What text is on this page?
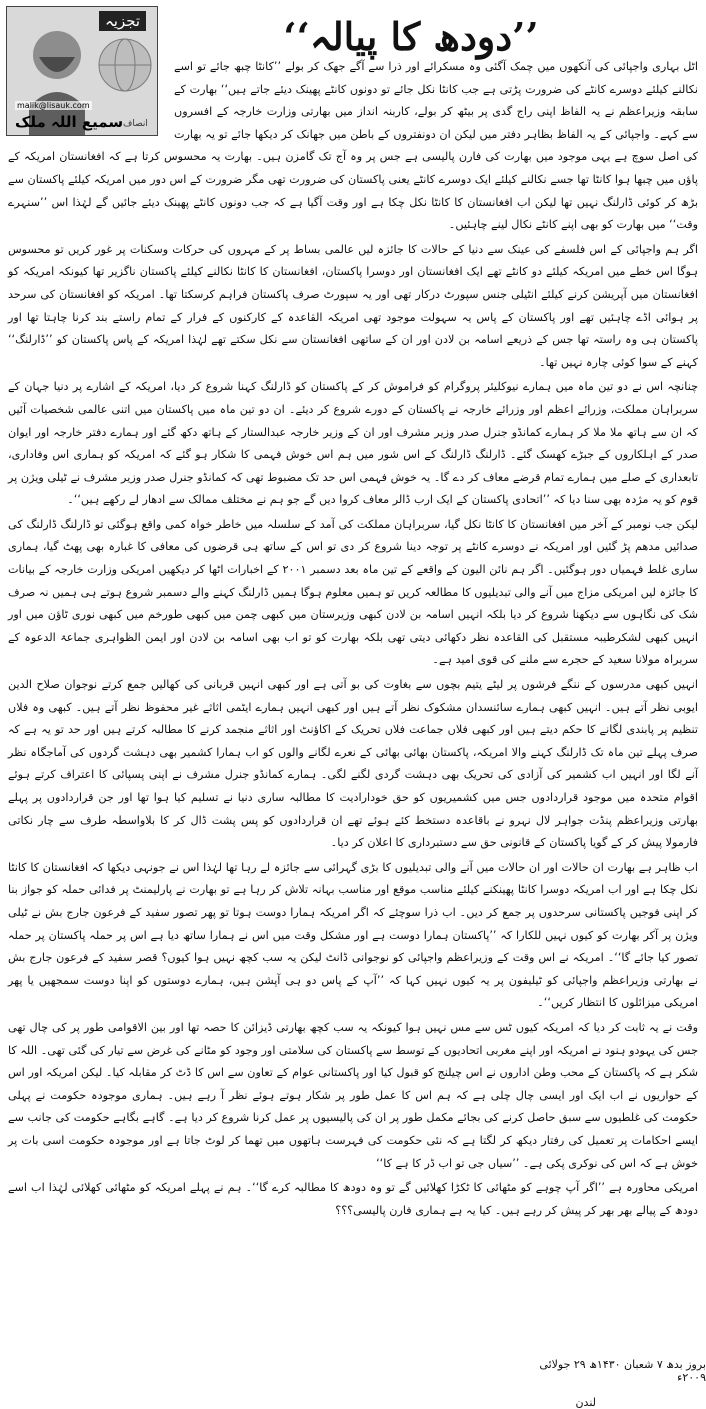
’’دودھ کا پیالہ‘‘
تجزیہ
malik@lisauk.com
سمیع اللہ ملک انصاف

اٹل بہاری واجپائی کی آنکھوں میں چمک آگئی وہ مسکرائے اور ذرا سے آگے جھک کر بولے ’’کانٹا چبھ جائے تو اسے نکالنے کیلئے دوسرے کانٹے کی ضرورت پڑتی ہے جب کانٹا نکل جائے تو دونوں کانٹے پھینک دیئے جاتے ہیں‘‘ بھارت کے سابقہ وزیراعظم نے یہ الفاظ اپنی راج گدی پر بیٹھ کر بولے، کاربنہ انداز میں بھارتی وزارت خارجہ کے افسروں سے کہے۔ واجپائی کے یہ الفاظ بظاہر دفتر میں لیکن ان دونفتروں کے باطن میں جھانک کر دیکھا جائے تو یہ بھارت کی اصل سوچ ہے یہی موجود میں بھارت کی فارن پالیسی ہے جس پر وہ آج تک گامزن ہیں۔ بھارت یہ محسوس کرتا ہے کہ افغانستان امریکہ کے پاؤں میں چبھا ہوا کانٹا تھا جسے نکالنے کیلئے ایک دوسرے کانٹے یعنی پاکستان کی ضرورت تھی مگر ضرورت کے اس دور میں امریکہ کیلئے پاکستان سے بڑھ کر کوئی ڈارلنگ نہیں تھا لیکن اب افغانستان کا کانٹا نکل چکا ہے اور وقت آگیا ہے کہ جب دونوں کانٹے پھینک دیئے جائیں گے لہٰذا اس ’’سنہرے وقت‘‘ میں بھارت کو بھی اپنے کانٹے نکال لینے چاہئیں۔

اگر ہم واجپائی کے اس فلسفے کی عینک سے دنیا کے حالات کا جائزہ لیں عالمی بساط پر کے مہروں کی حرکات وسکنات پر غور کریں تو محسوس ہوگا اس خطے میں امریکہ کیلئے دو کانٹے تھے ایک افغانستان اور دوسرا پاکستان، افغانستان کا کانٹا نکالنے کیلئے پاکستان ناگزیر تھا کیونکہ امریکہ کو افغانستان میں آپریشن کرنے کیلئے انٹیلی جنس سپورٹ درکار تھی اور یہ سپورٹ صرف پاکستان فراہم کرسکتا تھا۔ امریکہ کو افغانستان کی سرحد پر ہوائی اڈے چاہئیں تھے اور پاکستان کے پاس یہ سہولت موجود تھی امریکہ القاعدہ کے کارکنوں کے فرار کے تمام راستے بند کرنا چاہتا تھا اور پاکستان ہی وہ راستہ تھا جس کے ذریعے اسامہ بن لادن اور ان کے ساتھی افغانستان سے نکل سکتے تھے لہٰذا امریکہ کے پاس پاکستان کو ’’ڈارلنگ‘‘ کہنے کے سوا کوئی چارہ نہیں تھا۔

چنانچہ اس نے دو تین ماہ میں ہمارے نیوکلیئر پروگرام کو فراموش کر کے پاکستان کو ڈارلنگ کہنا شروع کر دیا، امریکہ کے اشارے پر دنیا جہان کے سربراہان مملکت، وزرائے اعظم اور وزرائے خارجہ نے پاکستان کے دورے شروع کر دیئے۔ ان دو تین ماہ میں پاکستان میں اتنی عالمی شخصیات آئیں کہ ان سے ہاتھ ملا ملا کر ہمارے کمانڈو جنرل صدر وزیر مشرف اور ان کے وزیر خارجہ عبدالستار کے ہاتھ دکھ گئے اور ہمارے دفتر خارجہ اور ایوان صدر کے اہلکاروں کے جبڑے کھسک گئے۔ ڈارلنگ ڈارلنگ کے اس شور میں ہم اس خوش فہمی کا شکار ہو گئے کہ امریکہ کو ہماری اس وفاداری، تابعداری کے صلے میں ہمارے تمام قرضے معاف کر دے گا۔ یہ خوش فہمی اس حد تک مضبوط تھی کہ کمانڈو جنرل صدر وزیر مشرف نے ٹیلی ویژن پر قوم کو یہ مژدہ بھی سنا دیا کہ ’’اتحادی پاکستان کے ایک ارب ڈالر معاف کروا دیں گے جو ہم نے مختلف ممالک سے ادھار لے رکھے ہیں‘‘۔

لیکن جب نومبر کے آخر میں افغانستان کا کانٹا نکل گیا، سربراہان مملکت کی آمد کے سلسلہ میں خاطر خواہ کمی واقع ہوگئی تو ڈارلنگ ڈارلنگ کی صدائیں مدھم پڑ گئیں اور امریکہ نے دوسرے کانٹے پر توجہ دینا شروع کر دی تو اس کے ساتھ ہی قرضوں کی معافی کا غبارہ بھی پھٹ گیا، ہماری ساری غلط فہمیاں دور ہوگئیں۔ اگر ہم نائن الیون کے واقعے کے تین ماہ بعد دسمبر ۲۰۰۱ کے اخبارات اٹھا کر دیکھیں امریکی وزارت خارجہ کے بیانات کا جائزہ لیں امریکی مزاج میں آنے والی تبدیلیوں کا مطالعہ کریں تو ہمیں معلوم ہوگا ہمیں ڈارلنگ کہنے والے دسمبر شروع ہوتے ہی ہمیں نہ صرف شک کی نگاہوں سے دیکھنا شروع کر دیا بلکہ انہیں اسامہ بن لادن کبھی وزیرستان میں کبھی چمن میں کبھی طورخم میں کبھی نوری ٹاؤن میں اور انہیں کبھی لشکرطیبہ مستقبل کی القاعدہ نظر دکھائی دیتی تھی بلکہ بھارت کو تو اب بھی اسامہ بن لادن اور ایمن الظواہری جماعۃ الدعوہ کے سربراہ مولانا سعید کے حجرے سے ملنے کی قوی امید ہے۔

انہیں کبھی مدرسوں کے ننگے فرشوں پر لیٹے یتیم بچوں سے بغاوت کی بو آتی ہے اور کبھی انہیں قربانی کی کھالیں جمع کرتے نوجوان صلاح الدین ایوبی نظر آتے ہیں۔ انہیں کبھی ہمارے سائنسدان مشکوک نظر آتے ہیں اور کبھی انہیں ہمارے ایٹمی اثاثے غیر محفوظ نظر آتے ہیں۔ کبھی وہ فلاں تنظیم پر پابندی لگانے کا حکم دیتے ہیں اور کبھی فلاں جماعت فلاں تحریک کے اکاؤنٹ اور اثاثے منجمد کرنے کا مطالبہ کرتے ہیں اور حد تو یہ ہے کہ صرف پہلے تین ماہ تک ڈارلنگ کہنے والا امریکہ، پاکستان بھائی بھائی کے نعرے لگانے والوں کو اب ہمارا کشمیر بھی دہشت گردوں کی آماجگاہ نظر آنے لگا اور انہیں اب کشمیر کی آزادی کی تحریک بھی دہشت گردی لگنے لگی۔ ہمارے کمانڈو جنرل مشرف نے اپنی پسپائی کا اعتراف کرتے ہوئے اقوام متحدہ میں موجود قراردادوں جس میں کشمیریوں کو حق خودارادیت کا مطالبہ ساری دنیا نے تسلیم کیا ہوا تھا اور جن قراردادوں پر پہلے بھارتی وزیراعظم پنڈت جواہر لال نہرو نے باقاعدہ دستخط کئے ہوئے تھے ان قراردادوں کو پس پشت ڈال کر کا بلاواسطہ طرف سے چار نکاتی فارمولا پیش کر کے گویا پاکستان کے قانونی حق سے دستبرداری کا اعلان کر دیا۔

اب ظاہر ہے بھارت ان حالات اور ان حالات میں آنے والی تبدیلیوں کا بڑی گہرائی سے جائزہ لے رہا تھا لہٰذا اس نے جونہی دیکھا کہ افغانستان کا کانٹا نکل چکا ہے اور اب امریکہ دوسرا کانٹا پھینکنے کیلئے مناسب موقع اور مناسب بہانہ تلاش کر رہا ہے تو بھارت نے پارلیمنٹ پر فدائی حملہ کو جواز بنا کر اپنی فوجیں پاکستانی سرحدوں پر جمع کر دیں۔ اب ذرا سوچئے کہ اگر امریکہ ہمارا دوست ہوتا تو پھر تصور سفید کے فرعون جارج بش نے ٹیلی ویژن پر آکر بھارت کو کیوں نہیں للکارا کہ ’’پاکستان ہمارا دوست ہے اور مشکل وقت میں اس نے ہمارا ساتھ دیا ہے اس پر حملہ پاکستان پر حملہ تصور کیا جائے گا‘‘۔ امریکہ نے اس وقت کے وزیراعظم واجپائی کو نوجوانی ڈانٹ لیکن یہ سب کچھ نہیں ہوا کیوں؟ قصر سفید کے فرعون جارج بش نے بھارتی وزیراعظم واجپائی کو ٹیلیفون پر یہ کیوں نہیں کہا کہ ’’آپ کے پاس دو ہی آپشن ہیں، ہمارے دوستوں کو اپنا دوست سمجھیں یا پھر امریکی میزائلوں کا انتظار کریں‘‘۔

وقت نے یہ ثابت کر دیا کہ امریکہ کیوں ٹس سے مس نہیں ہوا کیونکہ یہ سب کچھ بھارتی ڈیزائن کا حصہ تھا اور بین الاقوامی طور پر کی چال تھی جس کی یہودو ہنود نے امریکہ اور اپنے مغربی اتحادیوں کے توسط سے پاکستان کی سلامتی اور وجود کو مٹانے کی غرض سے تیار کی گئی تھی۔ اللہ کا شکر ہے کہ پاکستان کے محب وطن اداروں نے اس چیلنج کو قبول کیا اور پاکستانی عوام کے تعاون سے اس کا ڈٹ کر مقابلہ کیا۔ لیکن امریکہ اور اس کے حواریوں نے اب ایک اور ایسی چال چلی ہے کہ ہم اس کا عمل طور پر شکار ہوتے ہوئے نظر آ رہے ہیں۔ ہماری موجودہ حکومت نے پہلی حکومت کی غلطیوں سے سبق حاصل کرنے کی بجائے مکمل طور پر ان کی پالیسیوں پر عمل کرنا شروع کر دیا ہے۔ گاہے بگاہے حکومت کی جانب سے ایسے احکامات پر تعمیل کی رفتار دیکھ کر لگتا ہے کہ نئی حکومت کی فہرست ہاتھوں میں تھما کر لوٹ جاتا ہے اور موجودہ حکومت اسی بات پر خوش ہے کہ اس کی نوکری پکی ہے۔ ’’سیاں جی تو اب ڈر کا ہے کا‘‘

امریکی محاورہ ہے ’’اگر آپ چوہے کو مٹھائی کا ٹکڑا کھلائیں گے تو وہ دودھ کا مطالبہ کرے گا‘‘۔ ہم نے پہلے امریکہ کو مٹھائی کھلائی لہٰذا اب اسے دودھ کے پیالے بھر بھر کر پیش کر رہے ہیں۔ کیا یہ ہے ہماری فارن پالیسی؟؟؟

بروز بدھ ۷ شعبان ۱۴۳۰ھ ۲۹ جولائی ۲۰۰۹ء
لندن
